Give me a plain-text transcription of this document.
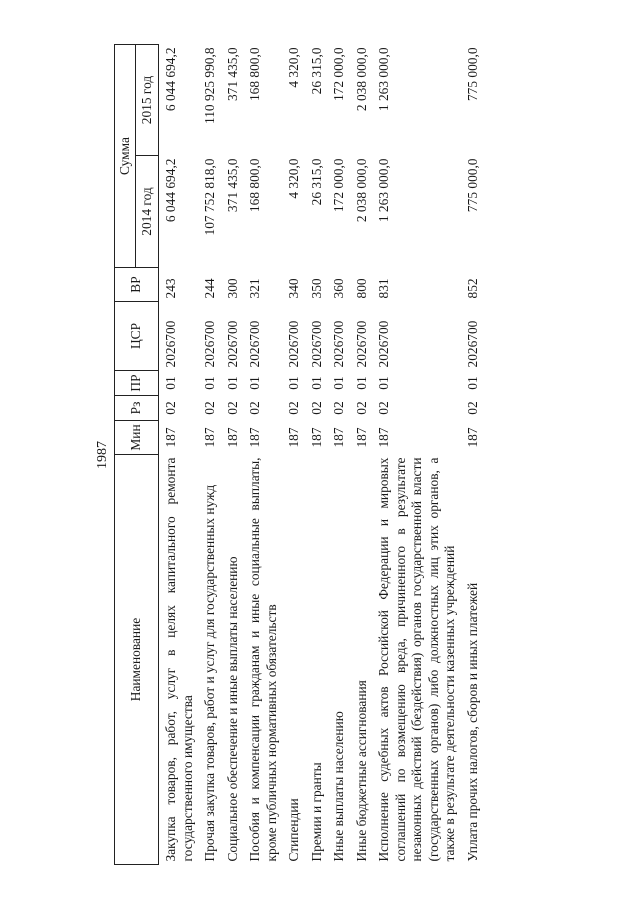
1987
Наименование	Мин	Рз	ПР	ЦСР	ВР	Сумма	
						2014 год	2015 год
Закупка товаров, работ, услуг в целях капитального ремонта государственного имущества	187	02	01	2026700	243	6 044 694,2	6 044 694,2
Прочая закупка товаров, работ и услуг для государственных нужд	187	02	01	2026700	244	107 752 818,0	110 925 990,8
Социальное обеспечение и иные выплаты населению	187	02	01	2026700	300	371 435,0	371 435,0
Пособия и компенсации гражданам и иные социальные выплаты, кроме публичных нормативных обязательств	187	02	01	2026700	321	168 800,0	168 800,0
Стипендии	187	02	01	2026700	340	4 320,0	4 320,0
Премии и гранты	187	02	01	2026700	350	26 315,0	26 315,0
Иные выплаты населению	187	02	01	2026700	360	172 000,0	172 000,0
Иные бюджетные ассигнования	187	02	01	2026700	800	2 038 000,0	2 038 000,0
Исполнение судебных актов Российской Федерации и мировых соглашений по возмещению вреда, причиненного в результате незаконных действий (бездействия) органов государственной власти (государственных органов) либо должностных лиц этих органов, а также в результате деятельности казенных учреждений	187	02	01	2026700	831	1 263 000,0	1 263 000,0
Уплата прочих налогов, сборов и иных платежей	187	02	01	2026700	852	775 000,0	775 000,0
